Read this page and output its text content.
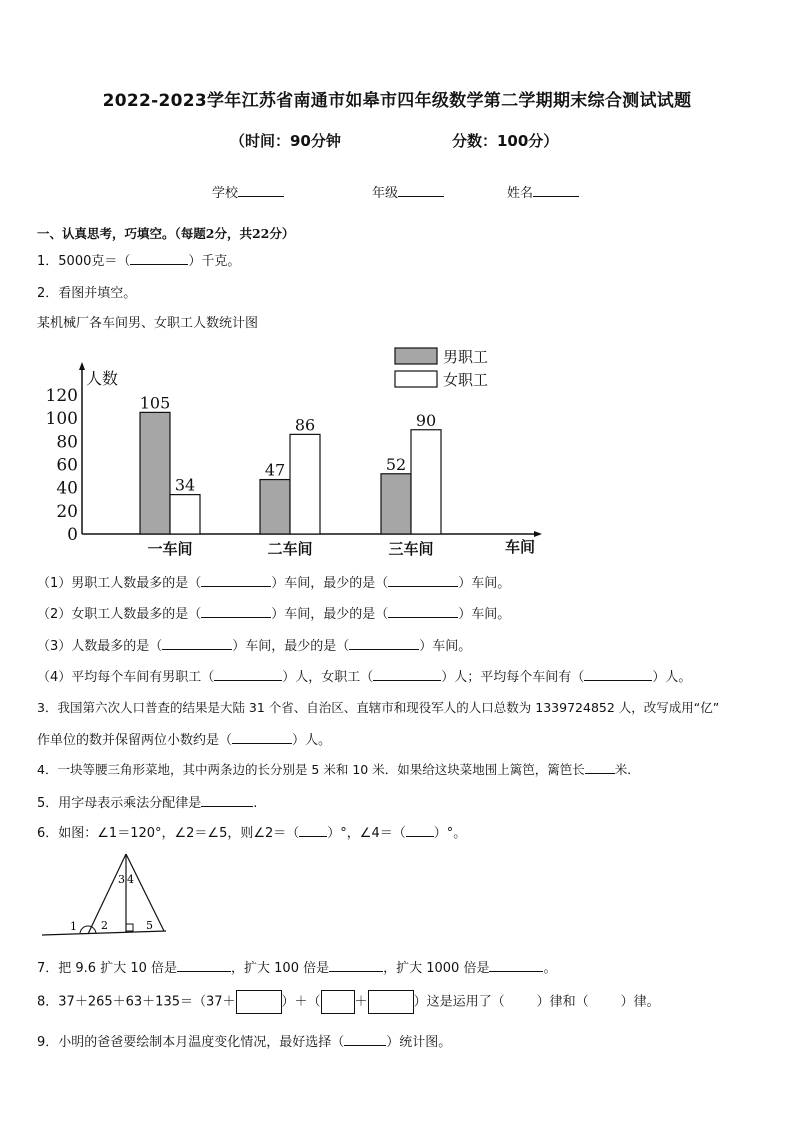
2022-2023学年江苏省南通市如皋市四年级数学第二学期期末综合测试试题
（时间：90分钟	分数：100分）
学校	年级	姓名
一、认真思考，巧填空。（每题2分，共22分）
1．5000克＝（	）千克。
2．看图并填空。
某机械厂各车间男、女职工人数统计图
0
20
40
60
80
100
120
人数
105
34
一车间
47
86
二车间
52
90
三车间	车间
男职工
女职工
（1）男职工人数最多的是（	）车间，最少的是（	）车间。
（2）女职工人数最多的是（	）车间，最少的是（	）车间。
（3）人数最多的是（	）车间，最少的是（	）车间。
（4）平均每个车间有男职工（	）人，女职工（	）人；平均每个车间有（	）人。
3．我国第六次人口普查的结果是大陆 31 个省、自治区、直辖市和现役军人的人口总数为 1339724852 人，改写成用“亿”
作单位的数并保留两位小数约是（	）人。
4．一块等腰三角形菜地，其中两条边的长分别是 5 米和 10 米．如果给这块菜地围上篱笆，篱笆长 米．
5．用字母表示乘法分配律是	.
6．如图：∠1＝120°，∠2＝∠5，则∠2＝（ ）°，∠4＝（ ）°。
1 2
3 4
5
7．把 9.6 扩大 10 倍是	，扩大 100 倍是	，扩大 1000 倍是	。
8．37＋265＋63＋135＝（37＋	）＋（	＋	）这是运用了（ ）律和（ ）律。
9．小明的爸爸要绘制本月温度变化情况，最好选择（	）统计图。
